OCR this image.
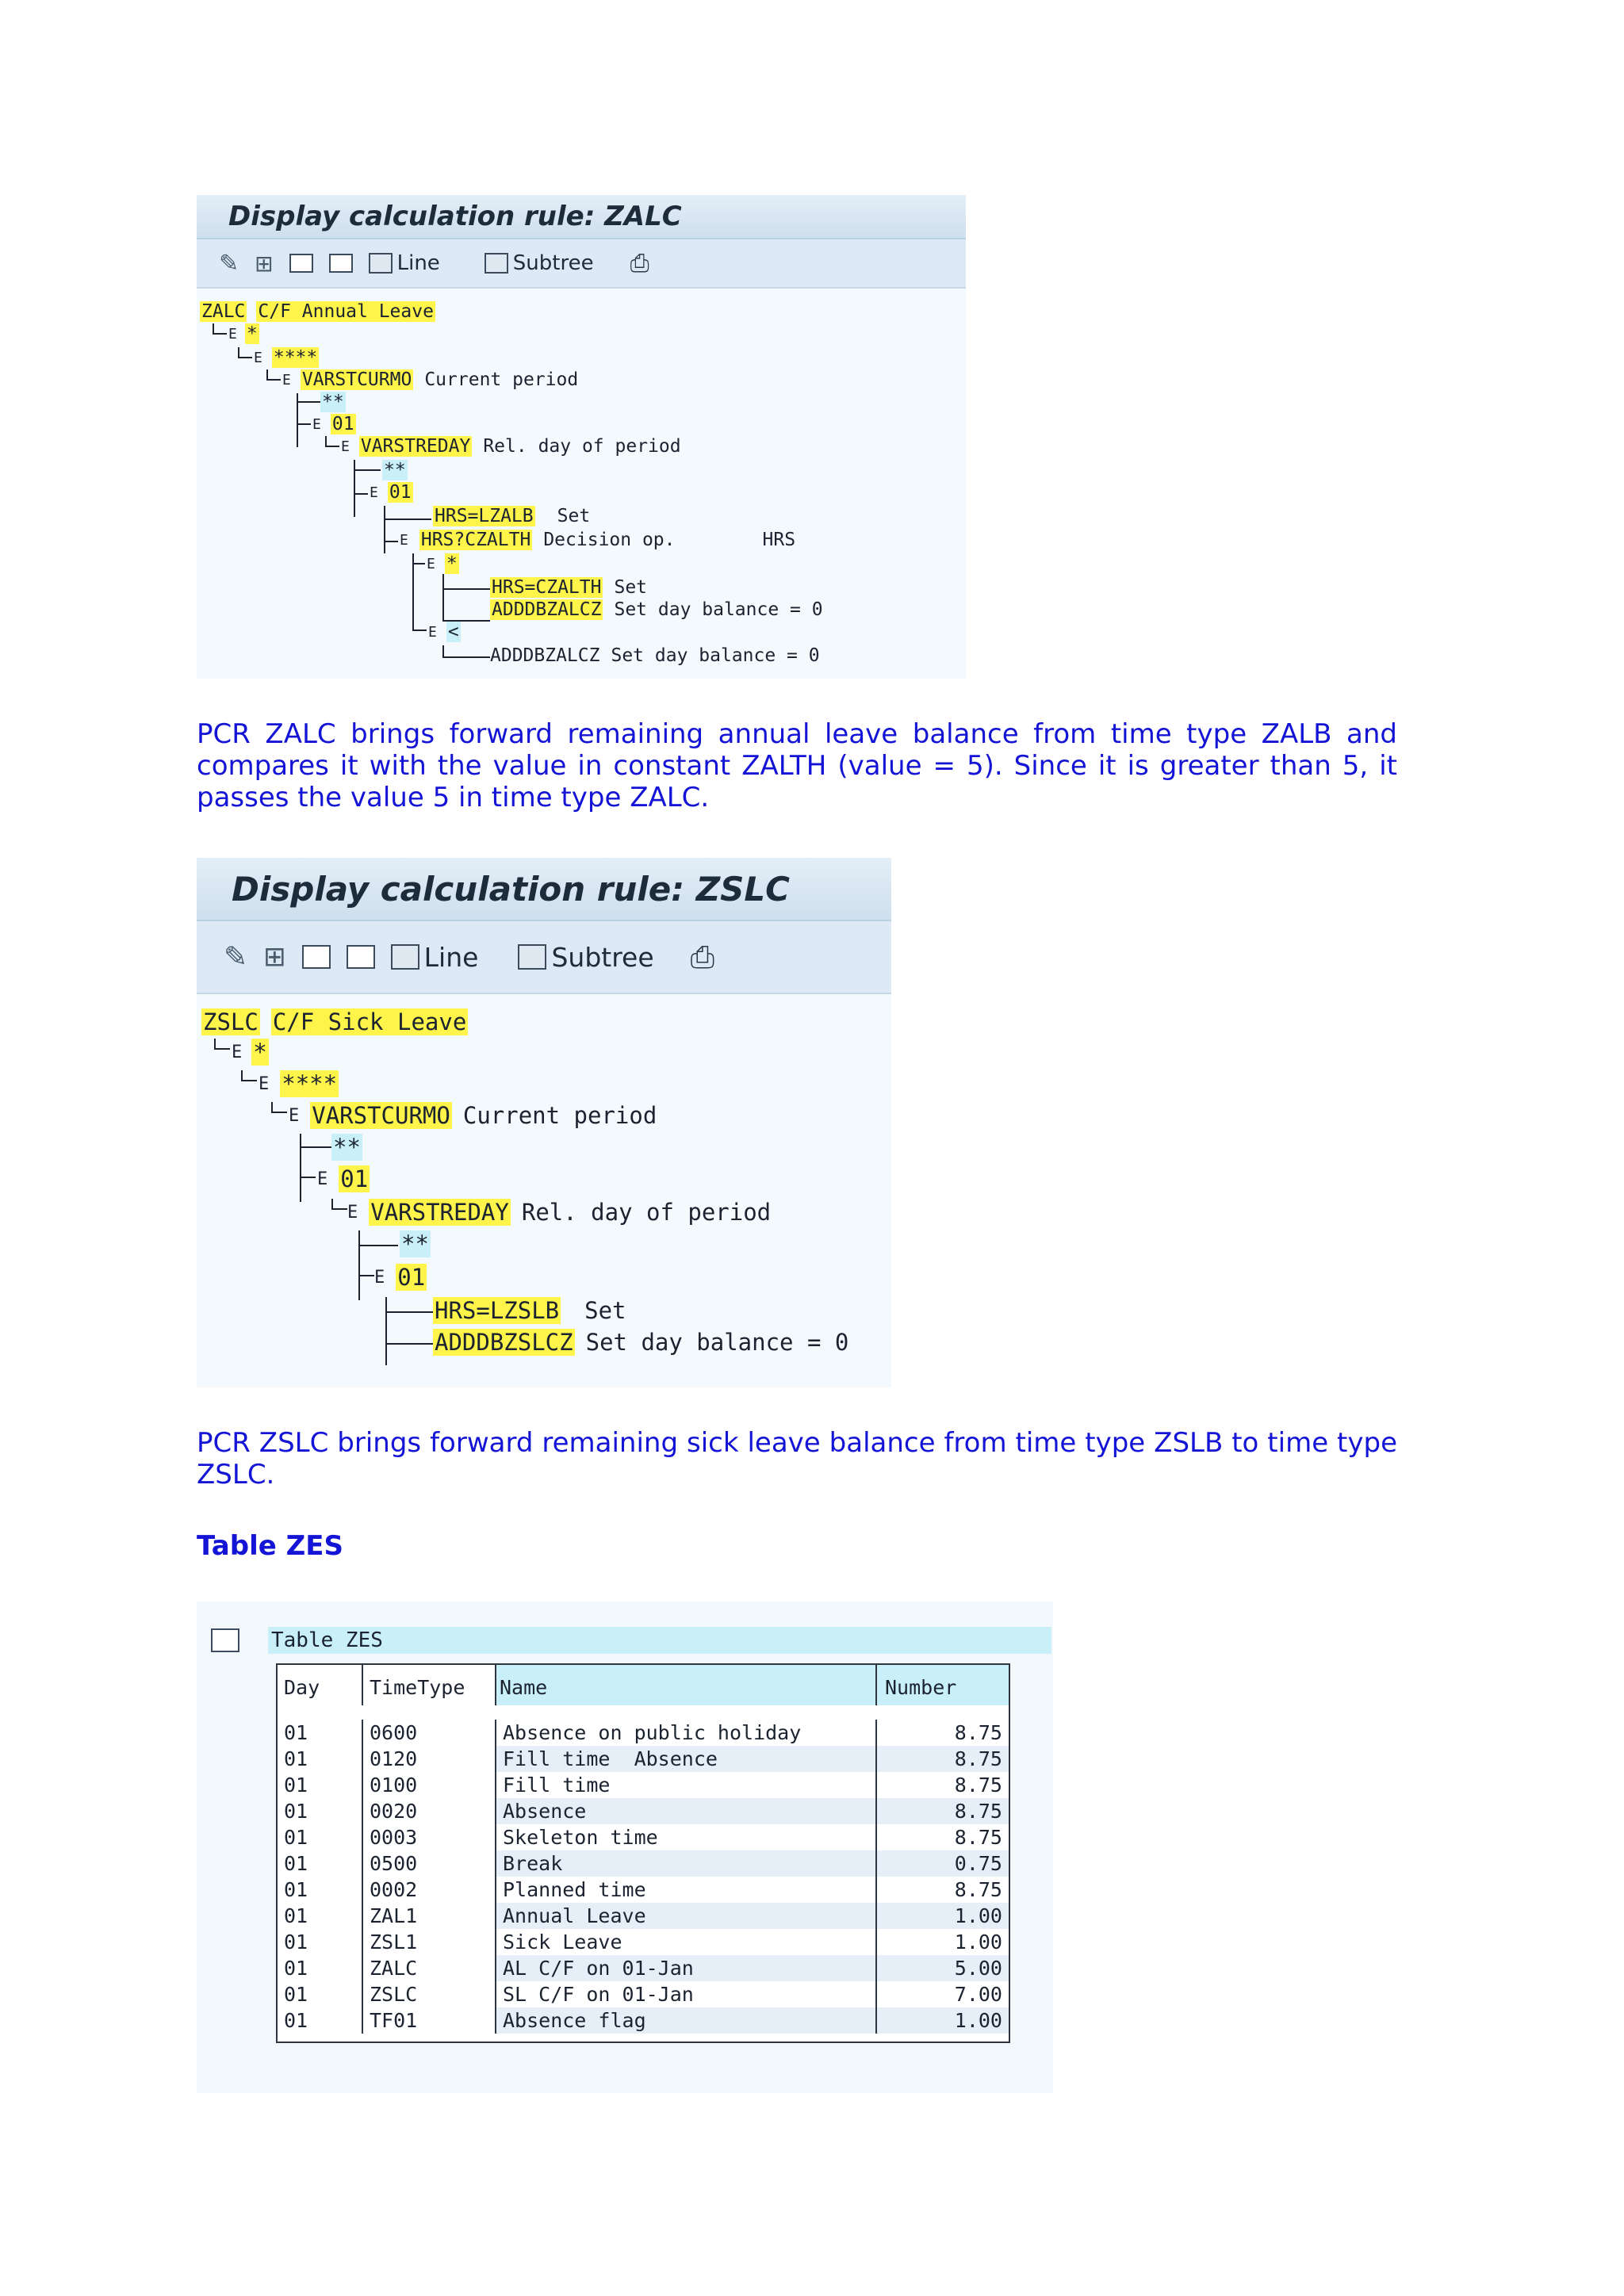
Display calculation rule: ZALC
✎ ⊞	Line	Subtree ⎙

ZALC C/F Annual Leave

E *

E ****

E VARSTCURMO Current period

**

E 01

E VARSTREDAY Rel. day of period

**

E 01

HRS=LZALB Set

E HRS?CZALTH Decision op.	HRS

E *

HRS=CZALTH Set

ADDDBZALCZ Set day balance = 0

E <

ADDDBZALCZ Set day balance = 0

PCR ZALC brings forward remaining annual leave balance from time type ZALB and compares it with the value in constant ZALTH (value = 5). Since it is greater than 5, it passes the value 5 in time type ZALC.
Display calculation rule: ZSLC
✎ ⊞	Line	Subtree ⎙

ZSLC C/F Sick Leave

E *

E ****

E VARSTCURMO Current period

**

E 01

E VARSTREDAY Rel. day of period

**

E 01

HRS=LZSLB Set

ADDDBZSLCZ Set day balance = 0

PCR ZSLC brings forward remaining sick leave balance from time type ZSLB to time type ZSLC.
Table ZES
Table ZES
Day	TimeType	Name	Number

01	0600	Absence on public holiday	8.75
01	0120	Fill time  Absence	8.75
01	0100	Fill time	8.75
01	0020	Absence	8.75
01	0003	Skeleton time	8.75
01	0500	Break	0.75
01	0002	Planned time	8.75
01	ZAL1	Annual Leave	1.00
01	ZSL1	Sick Leave	1.00
01	ZALC	AL C/F on 01-Jan	5.00
01	ZSLC	SL C/F on 01-Jan	7.00
01	TF01	Absence flag	1.00
